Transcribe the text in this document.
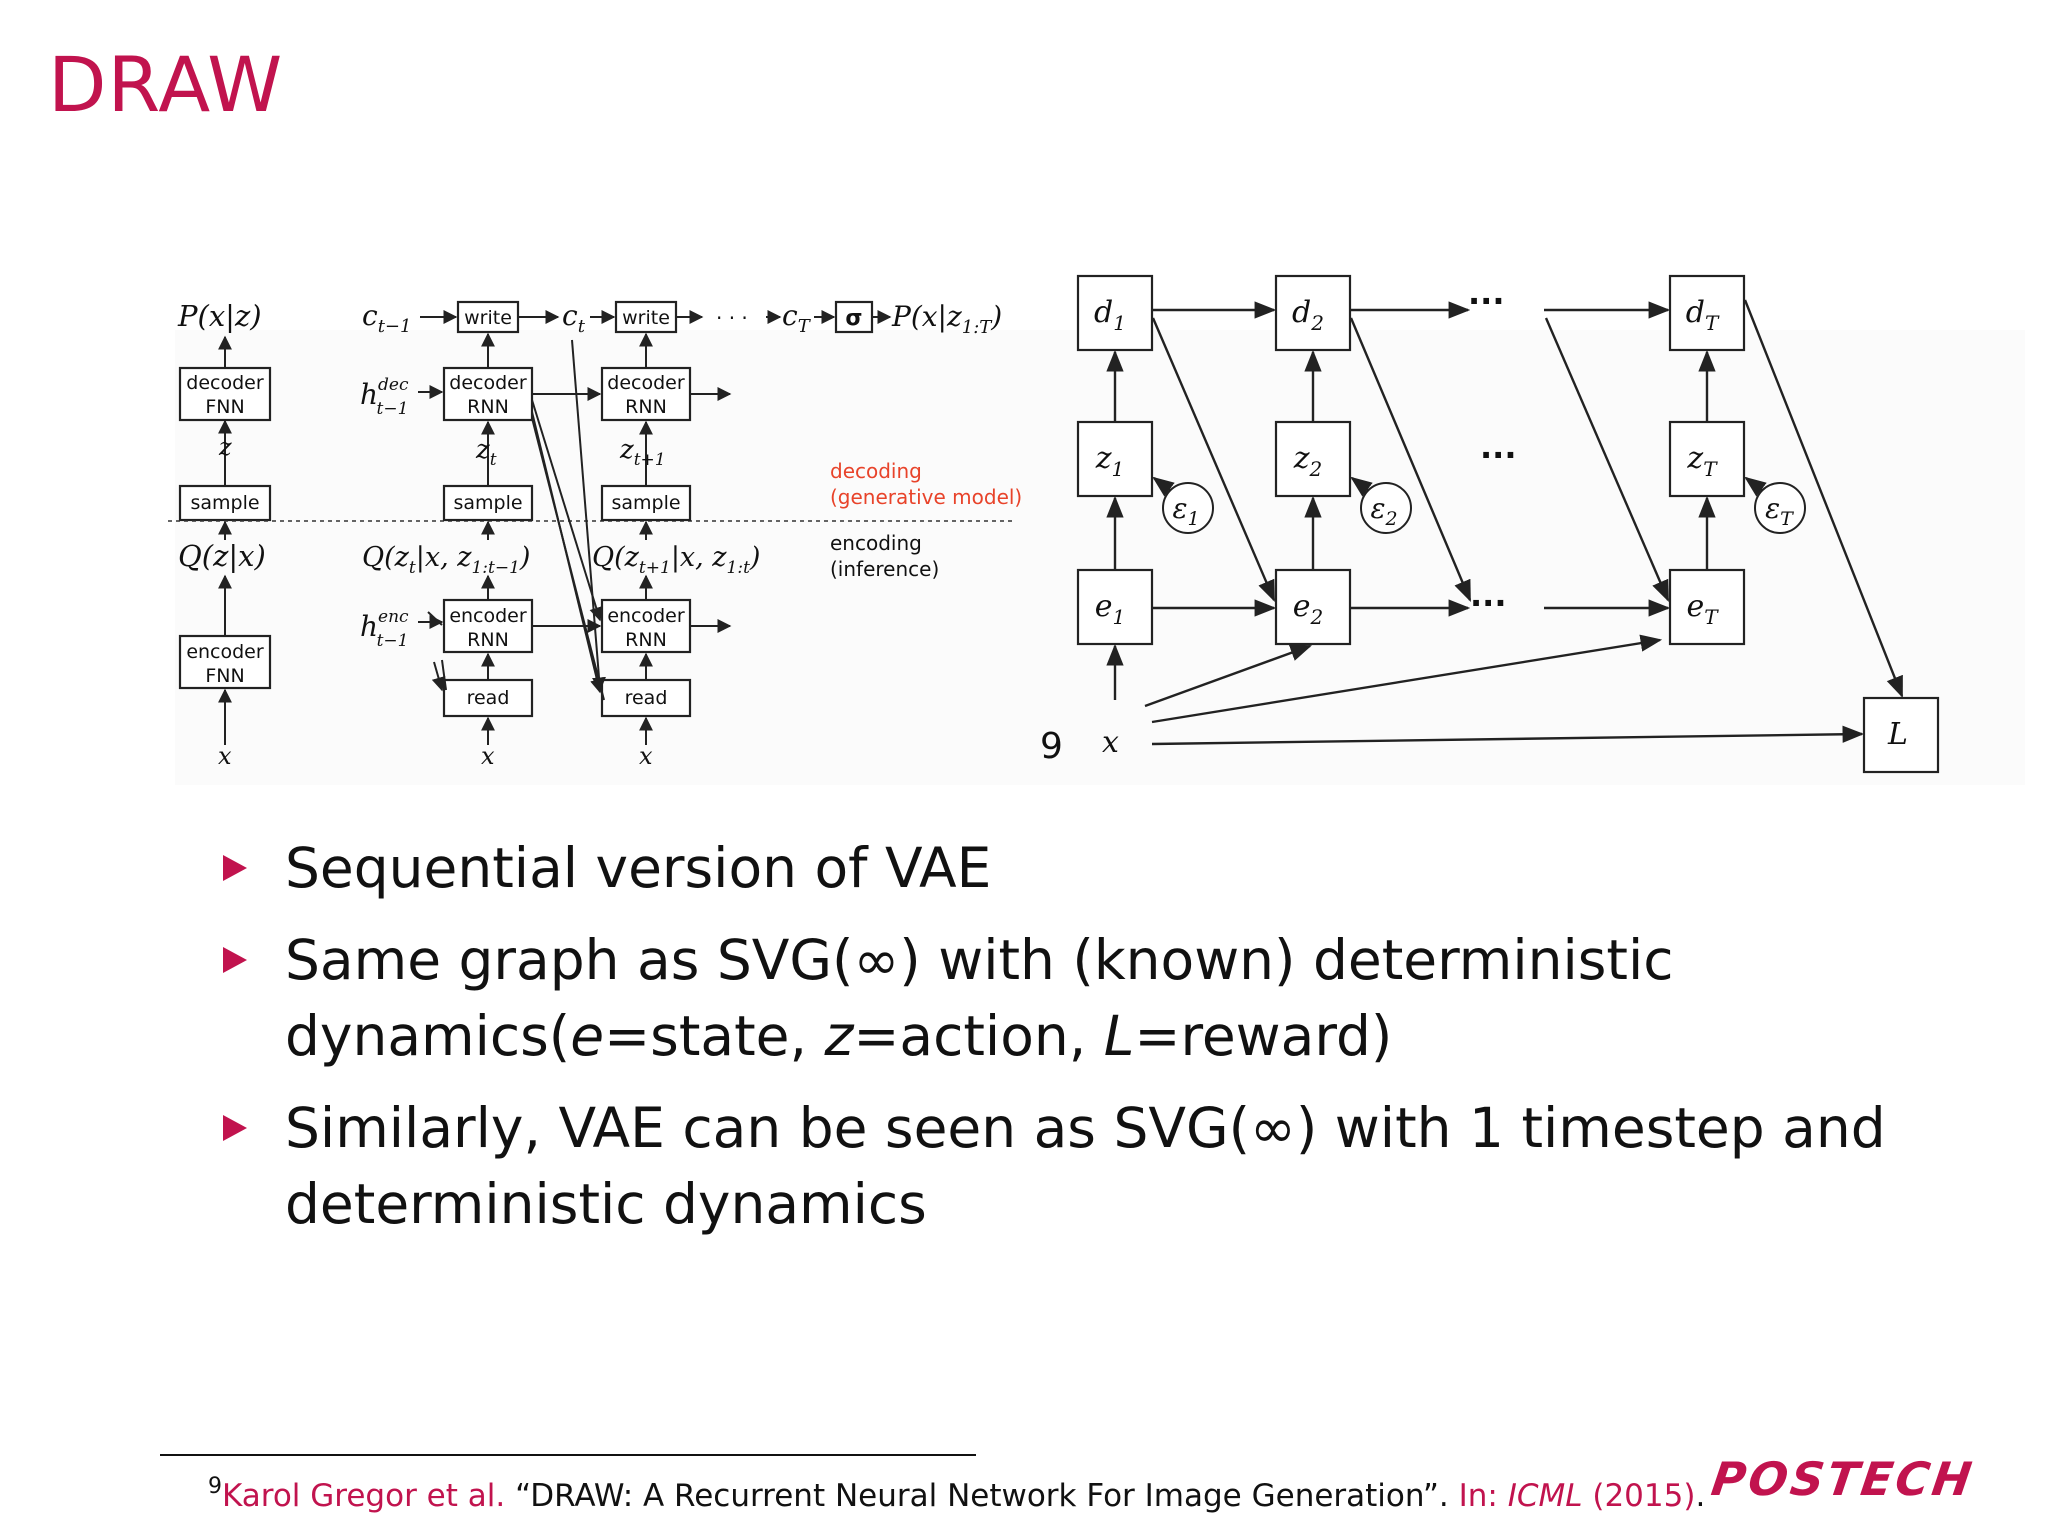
DRAW
P(x|z)
decoder
FNN
z
sample
Q(z|x)
encoder
FNN
x
$c_{t-1}$	write $c_t$ write · · · $c_T$ σ $P(x|z_{1:T})$
$h^{dec}$ t−1
decoder
RNN
decoder
RNN
$z_t$	$z_{t+1}$
sample	sample
$Q(z_t|x$, $z_{1:t-1}$) $Q(z_{t+1}|x$, $z_{1:t}$)
$h^{enc}$ t−1
encoder
RNN
encoder
RNN
read	read
x	x
decoding
(generative model)
encoding
(inference)
$d_1$	$d_2$	$d_T$
$z_1$	$z_2$	$z_T$
$e_1$	$e_2$	$e_T$
$\varepsilon_1$	$\varepsilon_2$	$\varepsilon_T$
L
···
···
···
9 x
Sequential version of VAE
Same graph as SVG(∞) with (known) deterministic dynamics(e=state, z=action, L=reward)
Similarly, VAE can be seen as SVG(∞) with 1 timestep and deterministic dynamics
$^9$Karol Gregor et al. “DRAW: A Recurrent Neural Network For Image Generation”. In: ICML (2015). POSTECH
